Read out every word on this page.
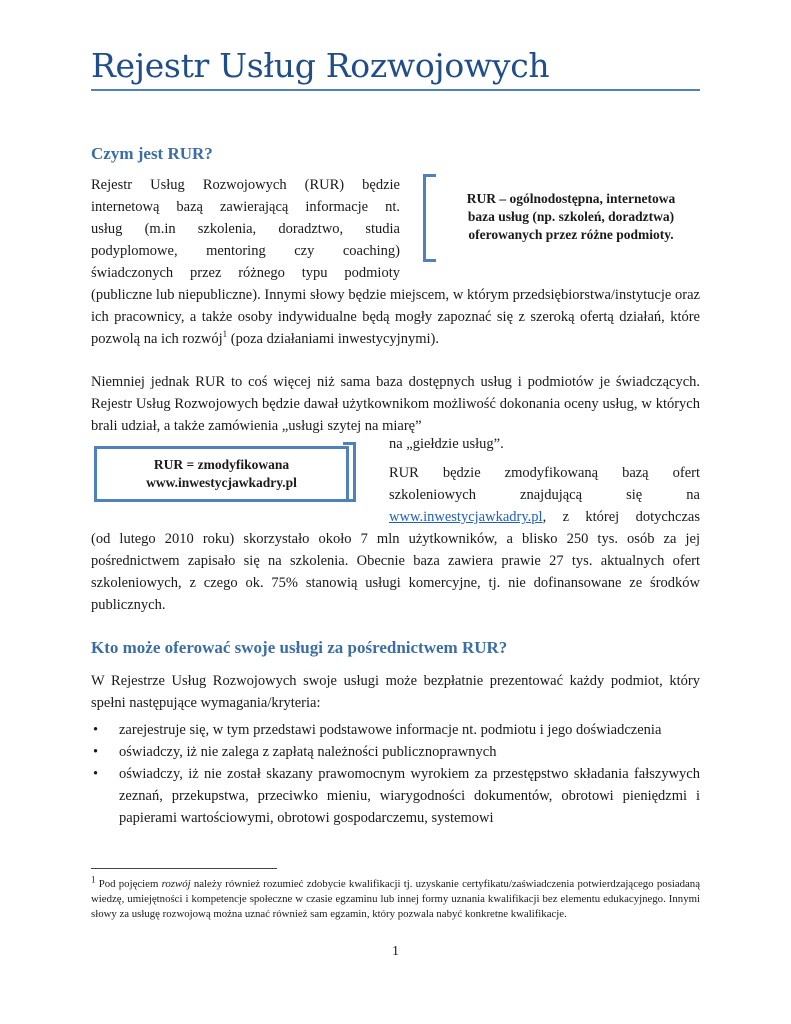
Rejestr Usług Rozwojowych
Czym jest RUR?

Rejestr Usług Rozwojowych (RUR) będzie

internetową bazą zawierającą informacje nt.

usług (m.in szkolenia, doradztwo, studia

podyplomowe, mentoring czy coaching)

świadczonych przez różnego typu podmioty

(publiczne lub niepubliczne). Innymi słowy będzie miejscem, w którym przedsiębiorstwa/instytucje oraz ich pracownicy, a także osoby indywidualne będą mogły zapoznać się z szeroką ofertą działań, które pozwolą na ich rozwój$^1$ (poza działaniami inwestycyjnymi).

RUR – ogólnodostępna, internetowa baza usług (np. szkoleń, doradztwa) oferowanych przez różne podmioty.

Niemniej jednak RUR to coś więcej niż sama baza dostępnych usług i podmiotów je świadczących. Rejestr Usług Rozwojowych będzie dawał użytkownikom możliwość dokonania oceny usług, w których brali udział, a także zamówienia „usługi szytej na miarę”

na „giełdzie usług”.

RUR = zmodyfikowana
www.inwestycjawkadry.pl

RUR będzie zmodyfikowaną bazą ofert

szkoleniowych znajdującą się na

www.inwestycjawkadry.pl, z której dotychczas

(od lutego 2010 roku) skorzystało około 7 mln użytkowników, a blisko 250 tys. osób za jej pośrednictwem zapisało się na szkolenia. Obecnie baza zawiera prawie 27 tys. aktualnych ofert szkoleniowych, z czego ok. 75% stanowią usługi komercyjne, tj. nie dofinansowane ze środków publicznych.

Kto może oferować swoje usługi za pośrednictwem RUR?

W Rejestrze Usług Rozwojowych swoje usługi może bezpłatnie prezentować każdy podmiot, który spełni następujące wymagania/kryteria:

• zarejestruje się, w tym przedstawi podstawowe informacje nt. podmiotu i jego doświadczenia
• oświadczy, iż nie zalega z zapłatą należności publicznoprawnych
• oświadczy, iż nie został skazany prawomocnym wyrokiem za przestępstwo składania fałszywych zeznań, przekupstwa, przeciwko mieniu, wiarygodności dokumentów, obrotowi pieniędzmi i papierami wartościowymi, obrotowi gospodarczemu, systemowi
$^1$ Pod pojęciem rozwój należy również rozumieć zdobycie kwalifikacji tj. uzyskanie certyfikatu/zaświadczenia potwierdzającego posiadaną wiedzę, umiejętności i kompetencje społeczne w czasie egzaminu lub innej formy uznania kwalifikacji bez elementu edukacyjnego. Innymi słowy za usługę rozwojową można uznać również sam egzamin, który pozwala nabyć konkretne kwalifikacje.
1
